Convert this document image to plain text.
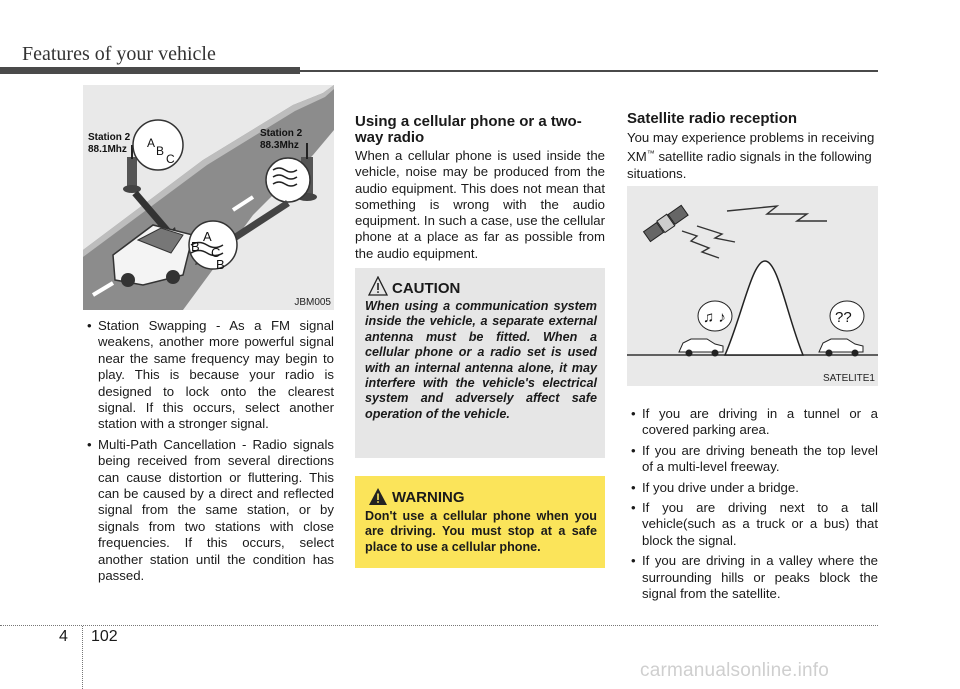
Features of your vehicle
Station 2
88.1Mhz
Station 2
88.3Mhz
A
B
C
A
B C
B
JBM005
• Station Swapping - As a FM signal weakens, another more powerful signal near the same frequency may begin to play. This is because your radio is designed to lock onto the clearest signal. If this occurs, select another station with a stronger signal.
• Multi-Path Cancellation - Radio signals being received from several directions can cause distortion or fluttering. This can be caused by a direct and reflected signal from the same station, or by signals from two stations with close frequencies. If this occurs, select another station until the condition has passed.
Using a cellular phone or a two-way radio
When a cellular phone is used inside the vehicle, noise may be produced from the audio equipment. This does not mean that something is wrong with the audio equipment. In such a case, use the cellular phone at a place as far as possible from the audio equipment.
CAUTION
When using a communication system inside the vehicle, a separate external antenna must be fitted. When a cellular phone or a radio set is used with an internal antenna alone, it may interfere with the vehicle's electrical system and adversely affect safe operation of the vehicle.
WARNING
Don't use a cellular phone when you are driving. You must stop at a safe place to use a cellular phone.
Satellite radio reception
You may experience problems in receiving XM™ satellite radio signals in the following situations.
♫ ♪	??
SATELITE1
• If you are driving in a tunnel or a covered parking area.
• If you are driving beneath the top level of a multi-level freeway.
• If you drive under a bridge.
• If you are driving next to a tall vehicle(such as a truck or a bus) that block the signal.
• If you are driving in a valley where the surrounding hills or peaks block the signal from the satellite.
4 102
carmanualsonline.info
